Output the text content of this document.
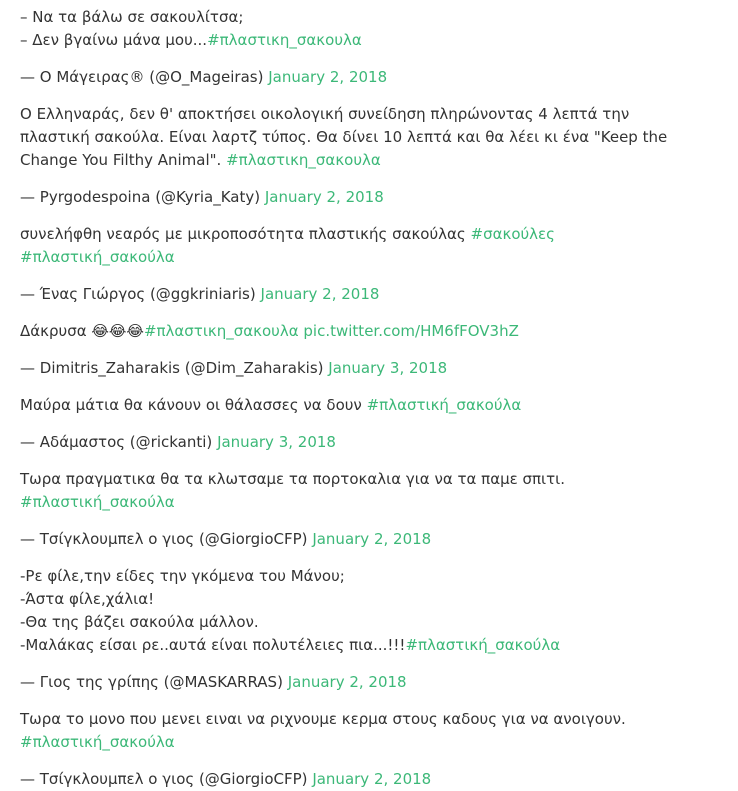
– Να τα βάλω σε σακουλίτσα;
– Δεν βγαίνω μάνα μου...#πλαστικη_σακουλα

— Ο Μάγειρας® (@O_Mageiras) January 2, 2018

Ο Ελληναράς, δεν θ' αποκτήσει οικολογική συνείδηση πληρώνοντας 4 λεπτά την πλαστική σακούλα. Είναι λαρτζ τύπος. Θα δίνει 10 λεπτά και θα λέει κι ένα "Keep the Change You Filthy Animal". #πλαστικη_σακουλα

— Pyrgodespoina (@Kyria_Katy) January 2, 2018

συνελήφθη νεαρός με μικροποσότητα πλαστικής σακούλας #σακούλες #πλαστική_σακούλα

— Ένας Γιώργος (@ggkriniaris) January 2, 2018

Δάκρυσα 😂😂😂#πλαστικη_σακουλα pic.twitter.com/HM6fFOV3hZ

— Dimitris_Zaharakis (@Dim_Zaharakis) January 3, 2018

Μαύρα μάτια θα κάνουν οι θάλασσες να δουν #πλαστική_σακούλα

— Αδάμαστος (@rickanti) January 3, 2018

Τωρα πραγματικα θα τα κλωτσαμε τα πορτοκαλια για να τα παμε σπιτι. #πλαστική_σακούλα

— Τσίγκλουμπελ ο γιος (@GiorgioCFP) January 2, 2018

-Ρε φίλε,την είδες την γκόμενα του Μάνου;
-Άστα φίλε,χάλια!
-Θα της βάζει σακούλα μάλλον.
-Μαλάκας είσαι ρε..αυτά είναι πολυτέλειες πια...!!!#πλαστική_σακούλα

— Γιος της γρίπης (@MASKARRAS) January 2, 2018

Τωρα το μονο που μενει ειναι να ριχνουμε κερμα στους καδους για να ανοιγουν. #πλαστική_σακούλα

— Τσίγκλουμπελ ο γιος (@GiorgioCFP) January 2, 2018
